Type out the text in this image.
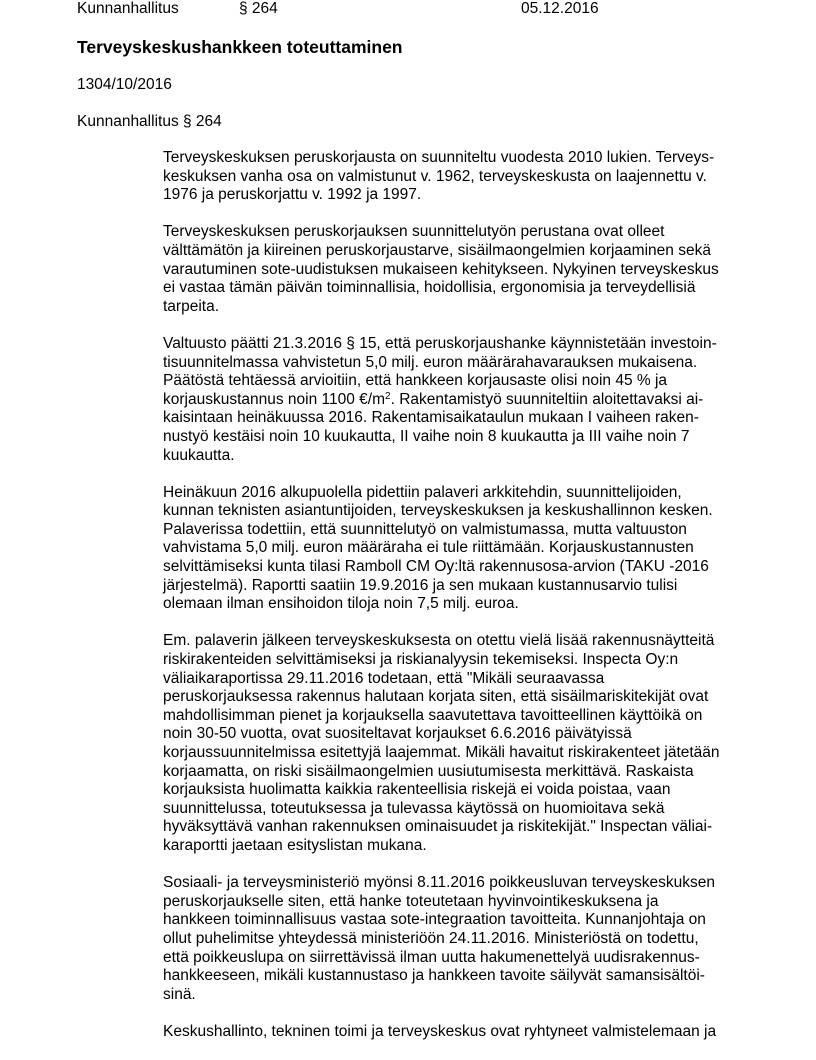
Kunnanhallitus	§ 264	05.12.2016
Terveyskeskushankkeen toteuttaminen
1304/10/2016
Kunnanhallitus § 264
Terveyskeskuksen peruskorjausta on suunniteltu vuodesta 2010 lukien. Terveys-
keskuksen vanha osa on valmistunut v. 1962, terveyskeskusta on laajennettu v.
1976 ja peruskorjattu v. 1992 ja 1997.
Terveyskeskuksen peruskorjauksen suunnittelutyön perustana ovat olleet
välttämätön ja kiireinen peruskorjaustarve, sisäilmaongelmien korjaaminen sekä
varautuminen sote-uudistuksen mukaiseen kehitykseen. Nykyinen terveyskeskus
ei vastaa tämän päivän toiminnallisia, hoidollisia, ergonomisia ja terveydellisiä
tarpeita.
Valtuusto päätti 21.3.2016 § 15, että peruskorjaushanke käynnistetään investoin-
tisuunnitelmassa vahvistetun 5,0 milj. euron määrärahavarauksen mukaisena.
Päätöstä tehtäessä arvioitiin, että hankkeen korjausaste olisi noin 45 % ja
korjauskustannus noin 1100 $€/m^2$. Rakentamistyö suunniteltiin aloitettavaksi ai-
kaisintaan heinäkuussa 2016. Rakentamisaikataulun mukaan I vaiheen raken-
nustyö kestäisi noin 10 kuukautta, II vaihe noin 8 kuukautta ja III vaihe noin 7
kuukautta.
Heinäkuun 2016 alkupuolella pidettiin palaveri arkkitehdin, suunnittelijoiden,
kunnan teknisten asiantuntijoiden, terveyskeskuksen ja keskushallinnon kesken.
Palaverissa todettiin, että suunnittelutyö on valmistumassa, mutta valtuuston
vahvistama 5,0 milj. euron määräraha ei tule riittämään. Korjauskustannusten
selvittämiseksi kunta tilasi Ramboll CM Oy:ltä rakennusosa-arvion (TAKU -2016
järjestelmä). Raportti saatiin 19.9.2016 ja sen mukaan kustannusarvio tulisi
olemaan ilman ensihoidon tiloja noin 7,5 milj. euroa.
Em. palaverin jälkeen terveyskeskuksesta on otettu vielä lisää rakennusnäytteitä
riskirakenteiden selvittämiseksi ja riskianalyysin tekemiseksi. Inspecta Oy:n
väliaikaraportissa 29.11.2016 todetaan, että "Mikäli seuraavassa
peruskorjauksessa rakennus halutaan korjata siten, että sisäilmariskitekijät ovat
mahdollisimman pienet ja korjauksella saavutettava tavoitteellinen käyttöikä on
noin 30-50 vuotta, ovat suositeltavat korjaukset 6.6.2016 päivätyissä
korjaussuunnitelmissa esitettyjä laajemmat. Mikäli havaitut riskirakenteet jätetään
korjaamatta, on riski sisäilmaongelmien uusiutumisesta merkittävä. Raskaista
korjauksista huolimatta kaikkia rakenteellisia riskejä ei voida poistaa, vaan
suunnittelussa, toteutuksessa ja tulevassa käytössä on huomioitava sekä
hyväksyttävä vanhan rakennuksen ominaisuudet ja riskitekijät." Inspectan väliai-
karaportti jaetaan esityslistan mukana.
Sosiaali- ja terveysministeriö myönsi 8.11.2016 poikkeusluvan terveyskeskuksen
peruskorjaukselle siten, että hanke toteutetaan hyvinvointikeskuksena ja
hankkeen toiminnallisuus vastaa sote-integraation tavoitteita. Kunnanjohtaja on
ollut puhelimitse yhteydessä ministeriöön 24.11.2016. Ministeriöstä on todettu,
että poikkeuslupa on siirrettävissä ilman uutta hakumenettelyä uudisrakennus-
hankkeeseen, mikäli kustannustaso ja hankkeen tavoite säilyvät samansisältöi-
sinä.
Keskushallinto, tekninen toimi ja terveyskeskus ovat ryhtyneet valmistelemaan ja
